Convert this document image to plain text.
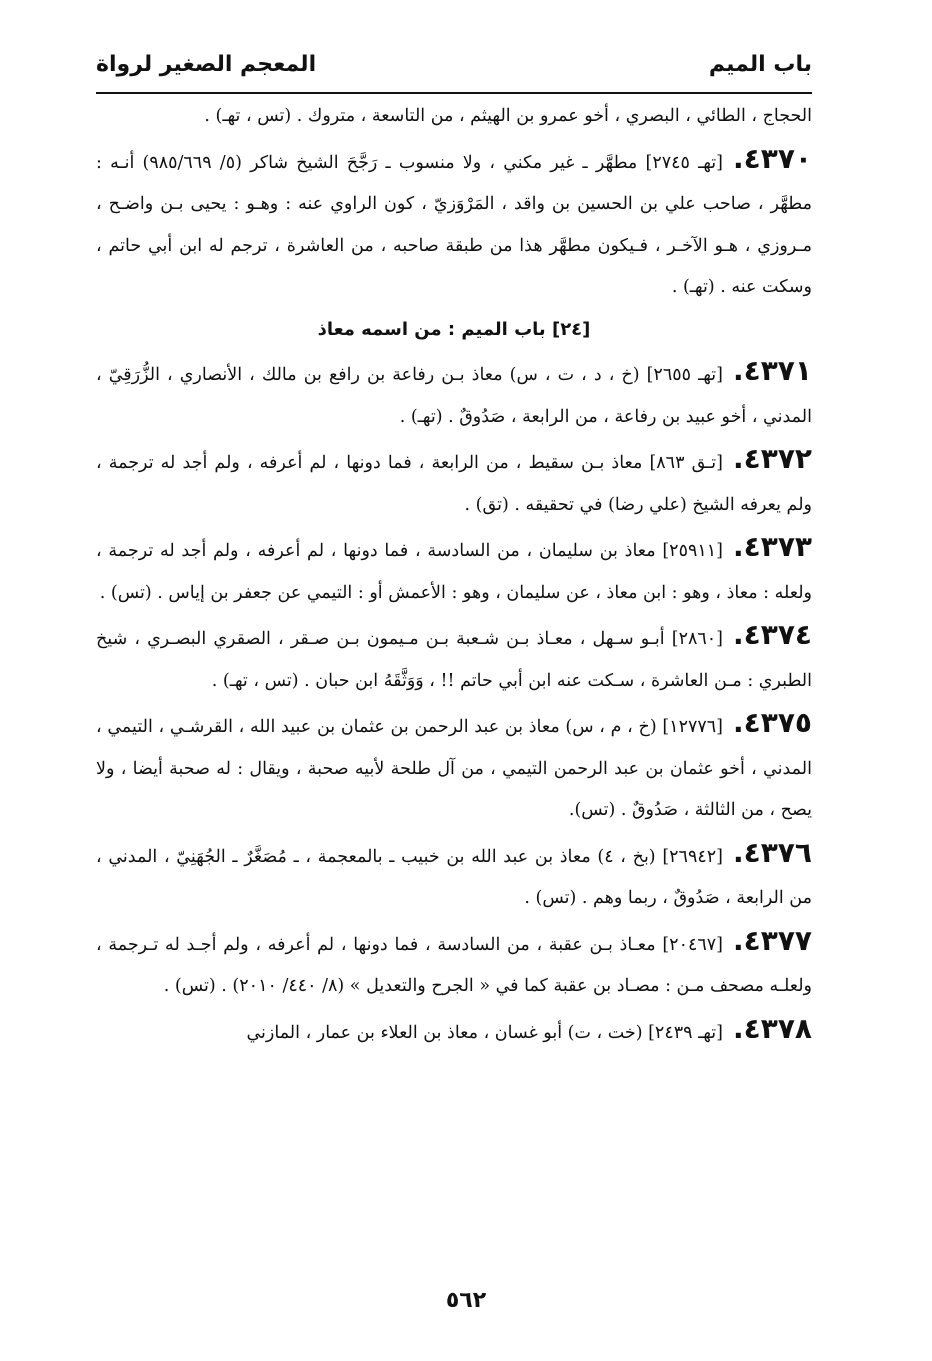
باب الميم
المعجم الصغير لرواة

الحجاج ، الطائي ، البصري ، أخو عمرو بن الهيثم ، من التاسعة ، متروك . (تس ، تهـ) .

٤٣٧٠.[تهـ ٢٧٤٥] مطهَّر ـ غير مكني ، ولا منسوب ـ رَجَّحَ الشيخ شاكر (٥/ ٩٨٥/٦٦٩) أنـه : مطهَّر ، صاحب علي بن الحسين بن واقد ، المَرْوَزيّ ، كون الراوي عنه : وهـو : يحيى بـن واضـح ، مـروزي ، هـو الآخـر ، فـيكون مطهَّر هذا من طبقة صاحبه ، من العاشرة ، ترجم له ابن أبي حاتم ، وسكت عنه . (تهـ) .

[٢٤] باب الميم : من اسمه معاذ

٤٣٧١.[تهـ ٢٦٥٥] (خ ، د ، ت ، س) معاذ بـن رفاعة بن رافع بن مالك ، الأنصاري ، الزُّرَقِيّ ، المدني ، أخو عبيد بن رفاعة ، من الرابعة ، صَدُوقٌ . (تهـ) .

٤٣٧٢.[تـق ٨٦٣] معاذ بـن سقيط ، من الرابعة ، فما دونها ، لم أعرفه ، ولم أجد له ترجمة ، ولم يعرفه الشيخ (علي رضا) في تحقيقه . (تق) .

٤٣٧٣.[٢٥٩١١] معاذ بن سليمان ، من السادسة ، فما دونها ، لم أعرفه ، ولم أجد له ترجمة ، ولعله : معاذ ، وهو : ابن معاذ ، عن سليمان ، وهو : الأعمش أو : التيمي عن جعفر بن إياس . (تس) .

٤٣٧٤.[٢٨٦٠] أبـو سـهل ، معـاذ بـن شـعبة بـن مـيمون بـن صـقر ، الصقري البصـري ، شيخ الطبري : مـن العاشرة ، سـكت عنه ابن أبي حاتم !! ، وَوَثَّقَهُ ابن حبان . (تس ، تهـ) .

٤٣٧٥.[١٢٧٧٦] (خ ، م ، س) معاذ بن عبد الرحمن بن عثمان بن عبيد الله ، القرشـي ، التيمي ، المدني ، أخو عثمان بن عبد الرحمن التيمي ، من آل طلحة لأبيه صحبة ، ويقال : له صحبة أيضا ، ولا يصح ، من الثالثة ، صَدُوقٌ . (تس).

٤٣٧٦.[٢٦٩٤٢] (بخ ، ٤) معاذ بن عبد الله بن خبيب ـ بالمعجمة ، ـ مُصَغَّرٌ ـ الجُهَنِيّ ، المدني ، من الرابعة ، صَدُوقٌ ، ربما وهم . (تس) .

٤٣٧٧.[٢٠٤٦٧] معـاذ بـن عقبة ، من السادسة ، فما دونها ، لم أعرفه ، ولم أجـد له تـرجمة ، ولعلـه مصحف مـن : مصـاد بن عقبة كما في « الجرح والتعديل » (٨/ ٤٤٠/ ٢٠١٠) . (تس) .

٤٣٧٨.[تهـ ٢٤٣٩] (خت ، ت) أبو غسان ، معاذ بن العلاء بن عمار ، المازني

٥٦٢
